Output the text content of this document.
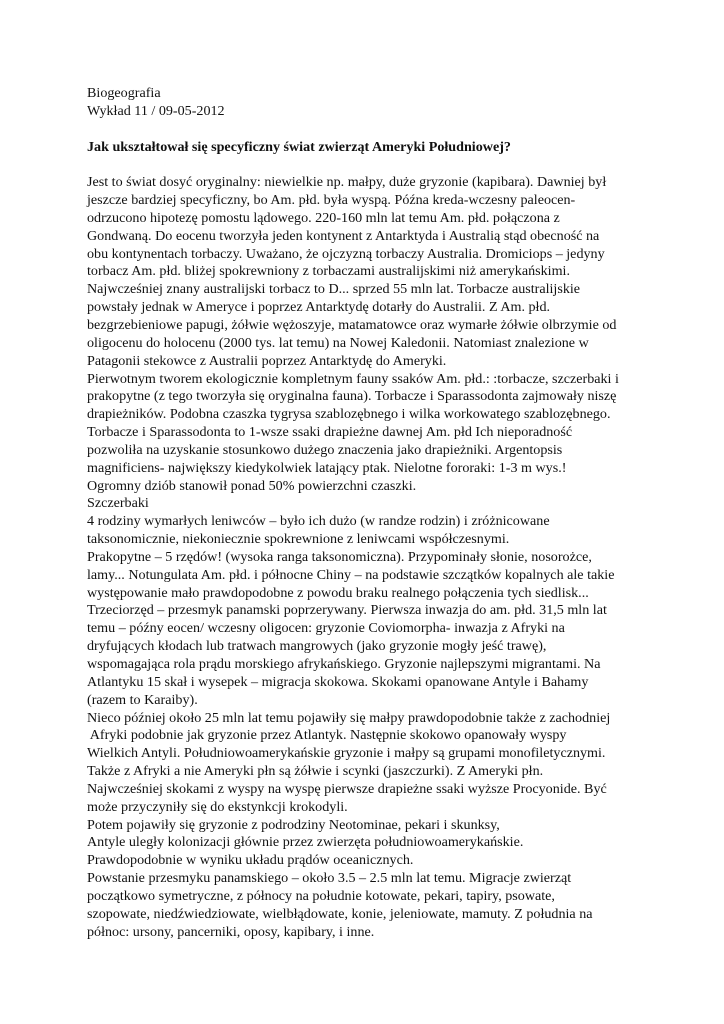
Biogeografia
Wykład 11 / 09-05-2012
Jak ukształtował się specyficzny świat zwierząt Ameryki Południowej?
Jest to świat dosyć oryginalny: niewielkie np. małpy, duże gryzonie (kapibara). Dawniej był
jeszcze bardziej specyficzny, bo Am. płd. była wyspą. Późna kreda-wczesny paleocen-
odrzucono hipotezę pomostu lądowego. 220-160 mln lat temu Am. płd. połączona z
Gondwaną. Do eocenu tworzyła jeden kontynent z Antarktyda i Australią stąd obecność na
obu kontynentach torbaczy. Uważano, że ojczyzną torbaczy Australia. Dromiciops – jedyny
torbacz Am. płd. bliżej spokrewniony z torbaczami australijskimi niż amerykańskimi.
Najwcześniej znany australijski torbacz to D... sprzed 55 mln lat. Torbacze australijskie
powstały jednak w Ameryce i poprzez Antarktydę dotarły do Australii. Z Am. płd.
bezgrzebieniowe papugi, żółwie wężoszyje, matamatowce oraz wymarłe żółwie olbrzymie od
oligocenu do holocenu (2000 tys. lat temu) na Nowej Kaledonii. Natomiast znalezione w
Patagonii stekowce z Australii poprzez Antarktydę do Ameryki.
Pierwotnym tworem ekologicznie kompletnym fauny ssaków Am. płd.: :torbacze, szczerbaki i
prakopytne (z tego tworzyła się oryginalna fauna). Torbacze i Sparassodonta zajmowały niszę
drapieżników. Podobna czaszka tygrysa szablozębnego i wilka workowatego szablozębnego.
Torbacze i Sparassodonta to 1-wsze ssaki drapieżne dawnej Am. płd Ich nieporadność
pozwoliła na uzyskanie stosunkowo dużego znaczenia jako drapieżniki. Argentopsis
magnificiens- największy kiedykolwiek latający ptak. Nielotne fororaki: 1-3 m wys.!
Ogromny dziób stanowił ponad 50% powierzchni czaszki.
Szczerbaki
4 rodziny wymarłych leniwców – było ich dużo (w randze rodzin) i zróżnicowane
taksonomicznie, niekoniecznie spokrewnione z leniwcami współczesnymi.
Prakopytne – 5 rzędów! (wysoka ranga taksonomiczna). Przypominały słonie, nosorożce,
lamy... Notungulata Am. płd. i północne Chiny – na podstawie szczątków kopalnych ale takie
występowanie mało prawdopodobne z powodu braku realnego połączenia tych siedlisk...
Trzeciorzęd – przesmyk panamski poprzerywany. Pierwsza inwazja do am. płd. 31,5 mln lat
temu – późny eocen/ wczesny oligocen: gryzonie Coviomorpha- inwazja z Afryki na
dryfujących kłodach lub tratwach mangrowych (jako gryzonie mogły jeść trawę),
wspomagająca rola prądu morskiego afrykańskiego. Gryzonie najlepszymi migrantami. Na
Atlantyku 15 skał i wysepek – migracja skokowa. Skokami opanowane Antyle i Bahamy
(razem to Karaiby).
Nieco później około 25 mln lat temu pojawiły się małpy prawdopodobnie także z zachodniej
Afryki podobnie jak gryzonie przez Atlantyk. Następnie skokowo opanowały wyspy
Wielkich Antyli. Południowoamerykańskie gryzonie i małpy są grupami monofiletycznymi.
Także z Afryki a nie Ameryki płn są żółwie i scynki (jaszczurki). Z Ameryki płn.
Najwcześniej skokami z wyspy na wyspę pierwsze drapieżne ssaki wyższe Procyonide. Być
może przyczyniły się do ekstynkcji krokodyli.
Potem pojawiły się gryzonie z podrodziny Neotominae, pekari i skunksy,
Antyle uległy kolonizacji głównie przez zwierzęta południowoamerykańskie.
Prawdopodobnie w wyniku układu prądów oceanicznych.
Powstanie przesmyku panamskiego – około 3.5 – 2.5 mln lat temu. Migracje zwierząt
początkowo symetryczne, z północy na południe kotowate, pekari, tapiry, psowate,
szopowate, niedźwiedziowate, wielbłądowate, konie, jeleniowate, mamuty. Z południa na
północ: ursony, pancerniki, oposy, kapibary, i inne.
